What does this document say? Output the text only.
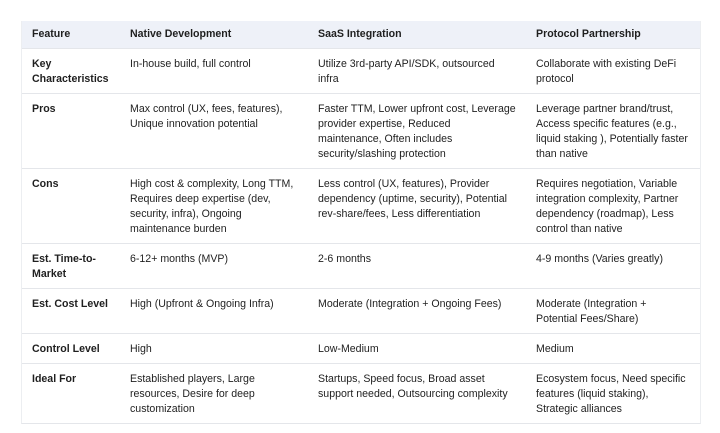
Feature	Native Development	SaaS Integration	Protocol Partnership
Key Characteristics	In-house build, full control	Utilize 3rd-party API/SDK, outsourced infra	Collaborate with existing DeFi protocol
Pros	Max control (UX, fees, features), Unique innovation potential	Faster TTM, Lower upfront cost, Leverage provider expertise, Reduced maintenance, Often includes security/slashing protection	Leverage partner brand/trust, Access specific features (e.g., liquid staking ), Potentially faster than native
Cons	High cost & complexity, Long TTM, Requires deep expertise (dev, security, infra), Ongoing maintenance burden	Less control (UX, features), Provider dependency (uptime, security), Potential rev-share/fees, Less differentiation	Requires negotiation, Variable integration complexity, Partner dependency (roadmap), Less control than native
Est. Time-to-Market	6-12+ months (MVP)	2-6 months	4-9 months (Varies greatly)
Est. Cost Level	High (Upfront & Ongoing Infra)	Moderate (Integration + Ongoing Fees)	Moderate (Integration + Potential Fees/Share)
Control Level	High	Low-Medium	Medium
Ideal For	Established players, Large resources, Desire for deep customization	Startups, Speed focus, Broad asset support needed, Outsourcing complexity	Ecosystem focus, Need specific features (liquid staking), Strategic alliances
